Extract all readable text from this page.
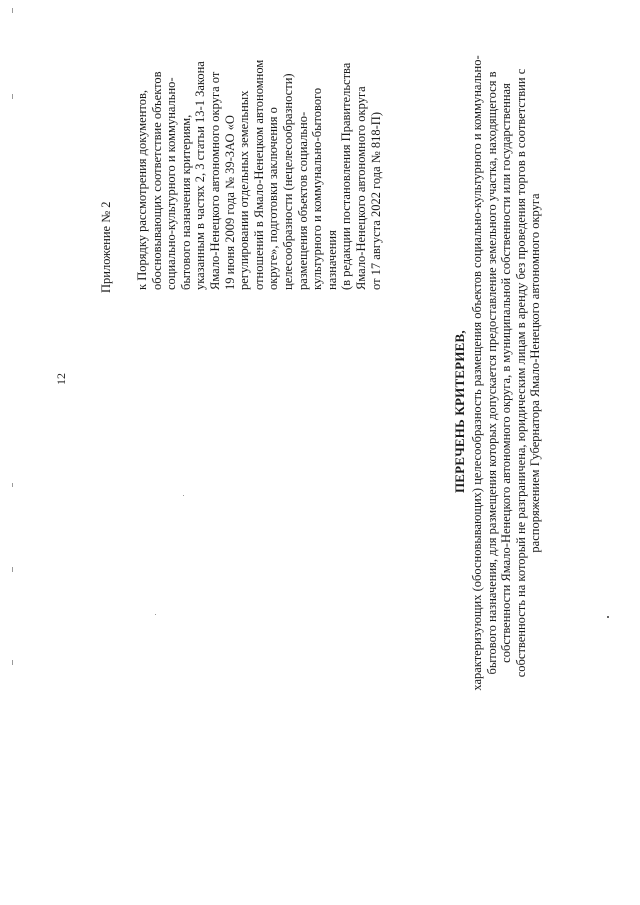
12
Приложение № 2 к Порядку рассмотрения документов, обосновывающих соответствие объектов социально-культурного и коммунально- бытового назначения критериям, указанным в частях 2, 3 статьи 13-1 Закона Ямало-Ненецкого автономного округа от 19 июня 2009 года № 39-ЗАО «О регулировании отдельных земельных отношений в Ямало-Ненецком автономном округе», подготовки заключения о целесообразности (нецелесообразности) размещения объектов социально- культурного и коммунально-бытового назначения (в редакции постановления Правительства Ямало-Ненецкого автономного округа от 17 августа 2022 года № 818-П)
ПЕРЕЧЕНЬ КРИТЕРИЕВ, характеризующих (обосновывающих) целесообразность размещения объектов социально-культурного и коммунально- бытового назначения, для размещения которых допускается предоставление земельного участка, находящегося в собственности Ямало-Ненецкого автономного округа, в муниципальной собственности или государственная собственность на который не разграничена, юридическим лицам в аренду без проведения торгов в соответствии с распоряжением Губернатора Ямало-Ненецкого автономного округа
